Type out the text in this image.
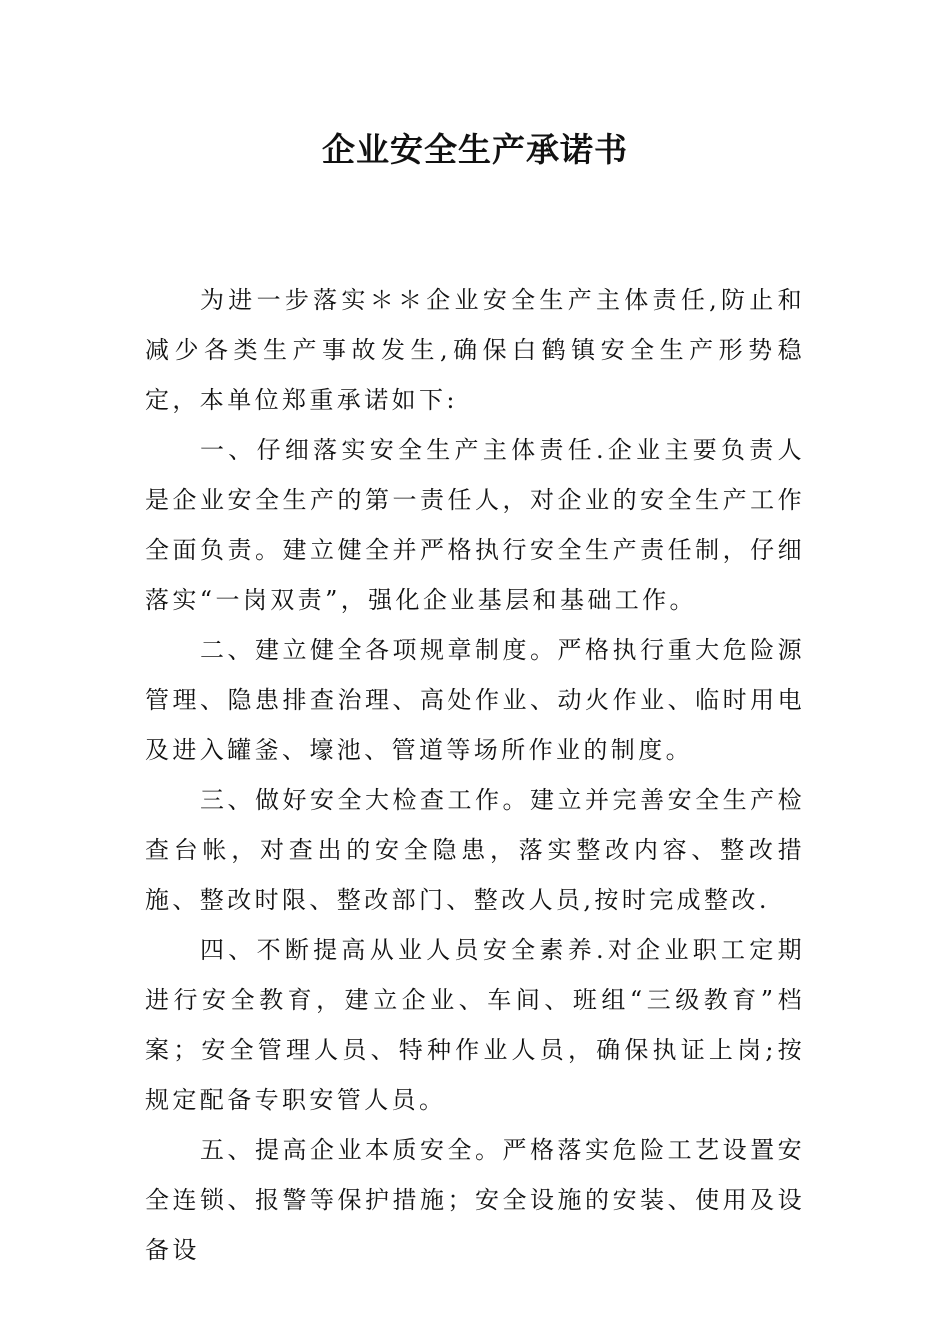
企业安全生产承诺书

为进一步落实＊＊企业安全生产主体责任,防止和减少各类生产事故发生,确保白鹤镇安全生产形势稳定，本单位郑重承诺如下:

一、仔细落实安全生产主体责任.企业主要负责人是企业安全生产的第一责任人，对企业的安全生产工作全面负责。建立健全并严格执行安全生产责任制，仔细落实“一岗双责”，强化企业基层和基础工作。

二、建立健全各项规章制度。严格执行重大危险源管理、隐患排查治理、高处作业、动火作业、临时用电及进入罐釜、壕池、管道等场所作业的制度。

三、做好安全大检查工作。建立并完善安全生产检查台帐，对查出的安全隐患，落实整改内容、整改措施、整改时限、整改部门、整改人员,按时完成整改.

四、不断提高从业人员安全素养.对企业职工定期进行安全教育，建立企业、车间、班组“三级教育”档案；安全管理人员、特种作业人员，确保执证上岗;按规定配备专职安管人员。

五、提高企业本质安全。严格落实危险工艺设置安全连锁、报警等保护措施；安全设施的安装、使用及设备设
